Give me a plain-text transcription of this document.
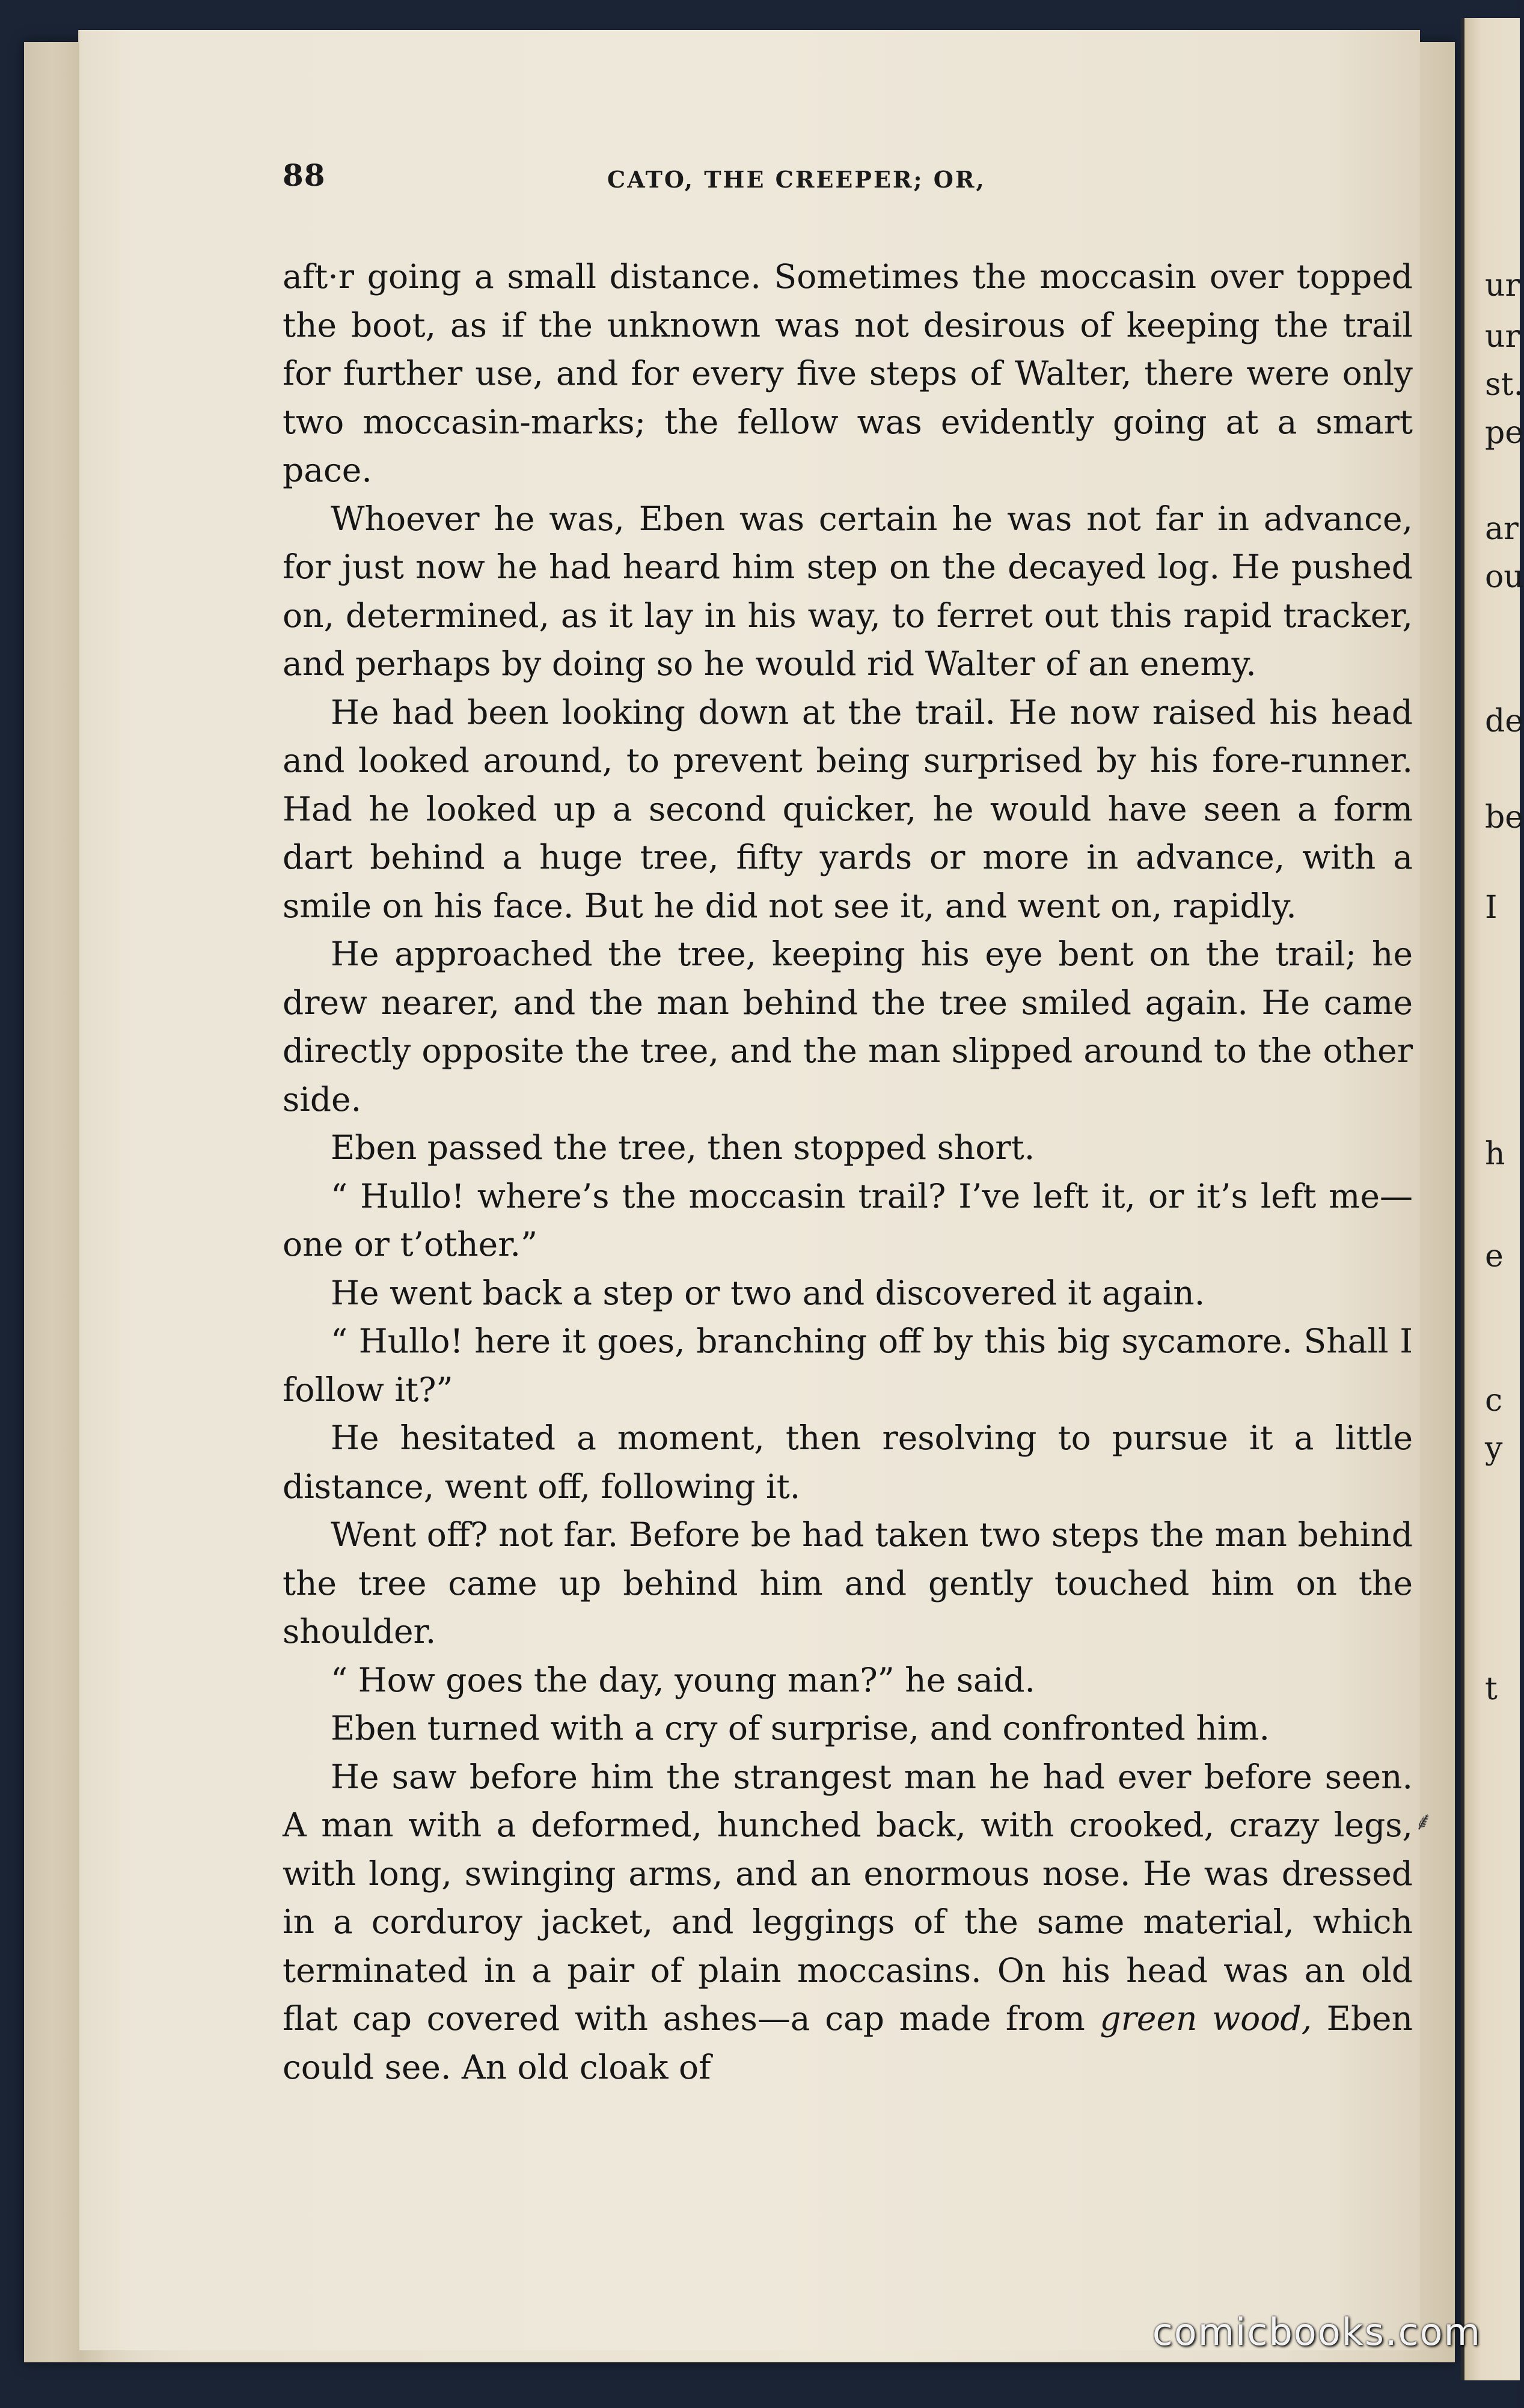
88	CATO, THE CREEPER; OR,

aft·r going a small distance. Sometimes the moccasin over topped the boot, as if the unknown was not desirous of keeping the trail for further use, and for every five steps of Walter, there were only two moccasin-marks; the fellow was evidently going at a smart pace.

Whoever he was, Eben was certain he was not far in advance, for just now he had heard him step on the decayed log. He pushed on, determined, as it lay in his way, to ferret out this rapid tracker, and perhaps by doing so he would rid Walter of an enemy.

He had been looking down at the trail. He now raised his head and looked around, to prevent being surprised by his fore-runner. Had he looked up a second quicker, he would have seen a form dart behind a huge tree, fifty yards or more in advance, with a smile on his face. But he did not see it, and went on, rapidly.

He approached the tree, keeping his eye bent on the trail; he drew nearer, and the man behind the tree smiled again. He came directly opposite the tree, and the man slipped around to the other side.

Eben passed the tree, then stopped short.

“ Hullo! where’s the moccasin trail? I’ve left it, or it’s left me—one or t’other.”

He went back a step or two and discovered it again.

“ Hullo! here it goes, branching off by this big sycamore. Shall I follow it?”

He hesitated a moment, then resolving to pursue it a little distance, went off, following it.

Went off? not far. Before be had taken two steps the man behind the tree came up behind him and gently touched him on the shoulder.

“ How goes the day, young man?” he said.

Eben turned with a cry of surprise, and confronted him.

He saw before him the strangest man he had ever before seen. A man with a deformed, hunched back, with crooked, crazy legs, with long, swinging arms, and an enormous nose. He was dressed in a corduroy jacket, and leggings of the same material, which terminated in a pair of plain moccasins. On his head was an old flat cap covered with ashes—a cap made from green wood, Eben could see. An old cloak of

ur
ur
st.
pe
ar
ou
de
be
I
h
e
c
y
t
⸙
comicbooks.com
